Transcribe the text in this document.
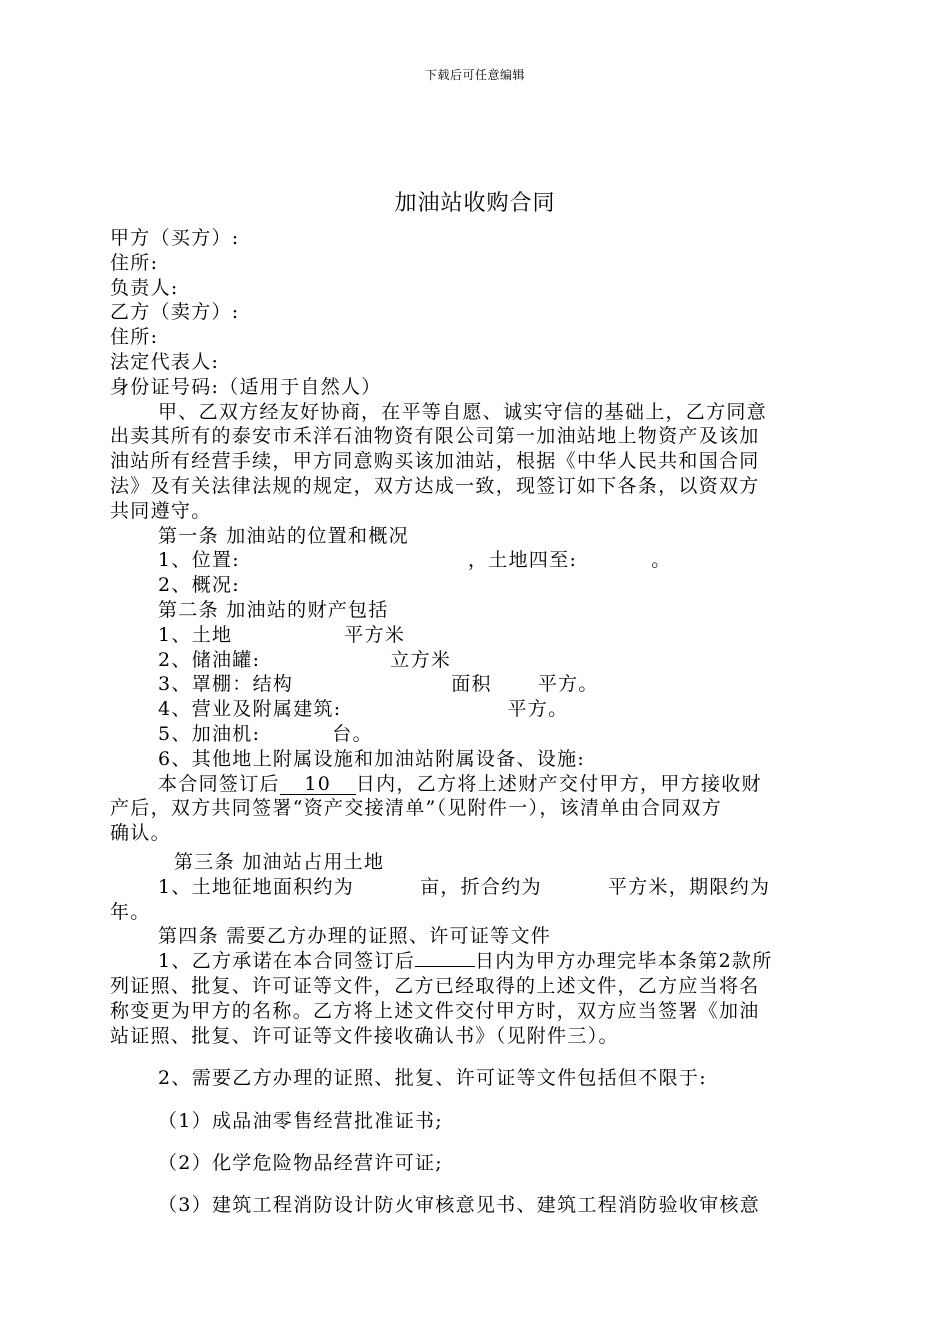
下载后可任意编辑
加油站收购合同
甲方（买方）:
住所:
负责人:
乙方（卖方）:
住所:
法定代表人:
身份证号码:（适用于自然人）
甲、乙双方经友好协商，在平等自愿、诚实守信的基础上，乙方同意
出卖其所有的泰安市禾洋石油物资有限公司第一加油站地上物资产及该加
油站所有经营手续，甲方同意购买该加油站，根据《中华人民共和国合同
法》及有关法律法规的规定，双方达成一致，现签订如下各条，以资双方
共同遵守。
第一条 加油站的位置和概况
1、位置:	，土地四至:	。
2、概况:
第二条 加油站的财产包括
1、土地	平方米
2、储油罐:	立方米
3、罩棚：结构	面积 平方。
4、营业及附属建筑:	平方。
5、加油机:	台。
6、其他地上附属设施和加油站附属设备、设施:
本合同签订后 10 日内，乙方将上述财产交付甲方，甲方接收财
产后，双方共同签署“资产交接清单”（见附件一），该清单由合同双方
确认。
第三条 加油站占用土地
1、土地征地面积约为	亩，折合约为	平方米，期限约为
年。
第四条 需要乙方办理的证照、许可证等文件
1、乙方承诺在本合同签订后	日内为甲方办理完毕本条第2款所
列证照、批复、许可证等文件，乙方已经取得的上述文件，乙方应当将名
称变更为甲方的名称。乙方将上述文件交付甲方时，双方应当签署《加油
站证照、批复、许可证等文件接收确认书》（见附件三）。
2、需要乙方办理的证照、批复、许可证等文件包括但不限于:
（1）成品油零售经营批准证书;
（2）化学危险物品经营许可证;
（3）建筑工程消防设计防火审核意见书、建筑工程消防验收审核意
